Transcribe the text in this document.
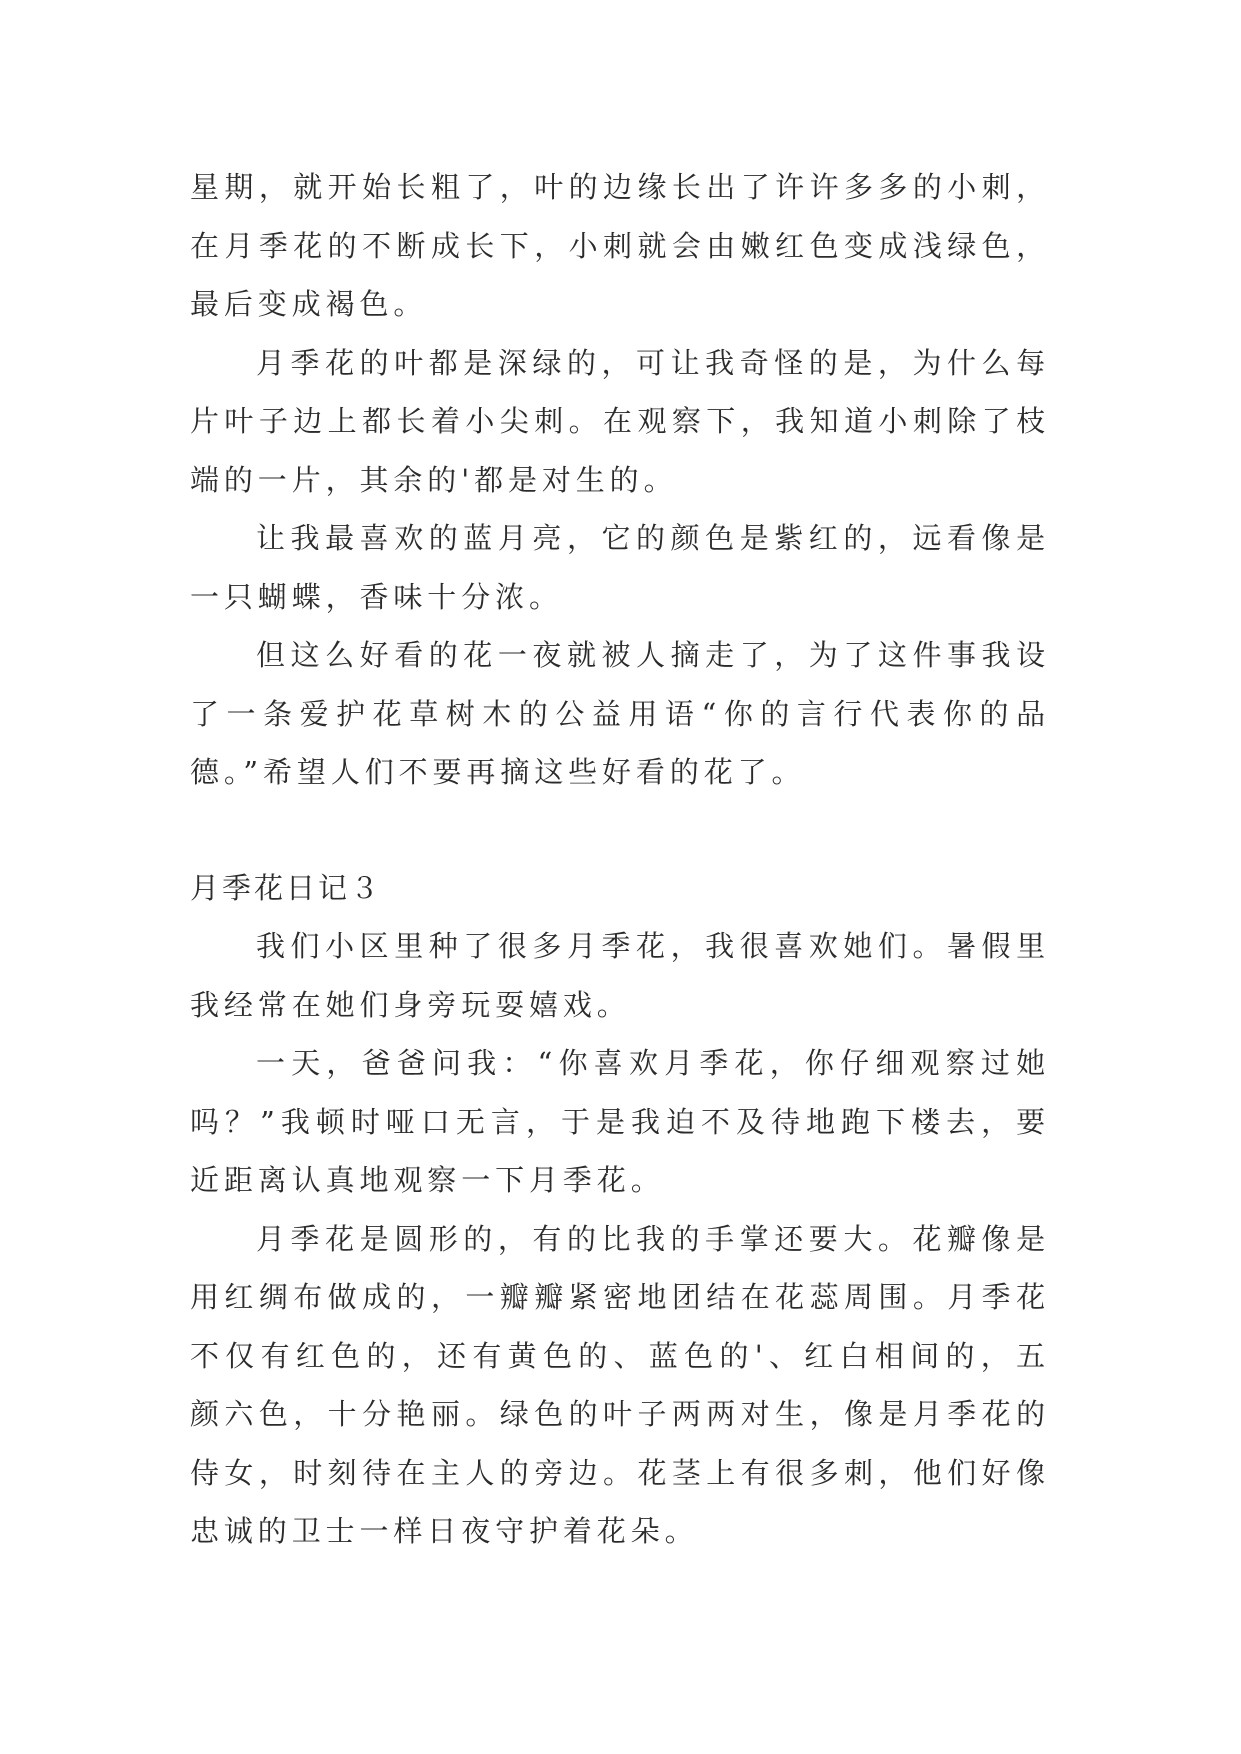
星期，就开始长粗了，叶的边缘长出了许许多多的小刺，在月季花的不断成长下，小刺就会由嫩红色变成浅绿色，最后变成褐色。

月季花的叶都是深绿的，可让我奇怪的是，为什么每片叶子边上都长着小尖刺。在观察下，我知道小刺除了枝端的一片，其余的'都是对生的。

让我最喜欢的蓝月亮，它的颜色是紫红的，远看像是一只蝴蝶，香味十分浓。

但这么好看的花一夜就被人摘走了，为了这件事我设了一条爱护花草树木的公益用语“你的言行代表你的品德。”希望人们不要再摘这些好看的花了。

月季花日记３

我们小区里种了很多月季花，我很喜欢她们。暑假里我经常在她们身旁玩耍嬉戏。

一天，爸爸问我：“你喜欢月季花，你仔细观察过她吗？”我顿时哑口无言，于是我迫不及待地跑下楼去，要近距离认真地观察一下月季花。

月季花是圆形的，有的比我的手掌还要大。花瓣像是用红绸布做成的，一瓣瓣紧密地团结在花蕊周围。月季花不仅有红色的，还有黄色的、蓝色的'、红白相间的，五颜六色，十分艳丽。绿色的叶子两两对生，像是月季花的侍女，时刻待在主人的旁边。花茎上有很多刺，他们好像忠诚的卫士一样日夜守护着花朵。
